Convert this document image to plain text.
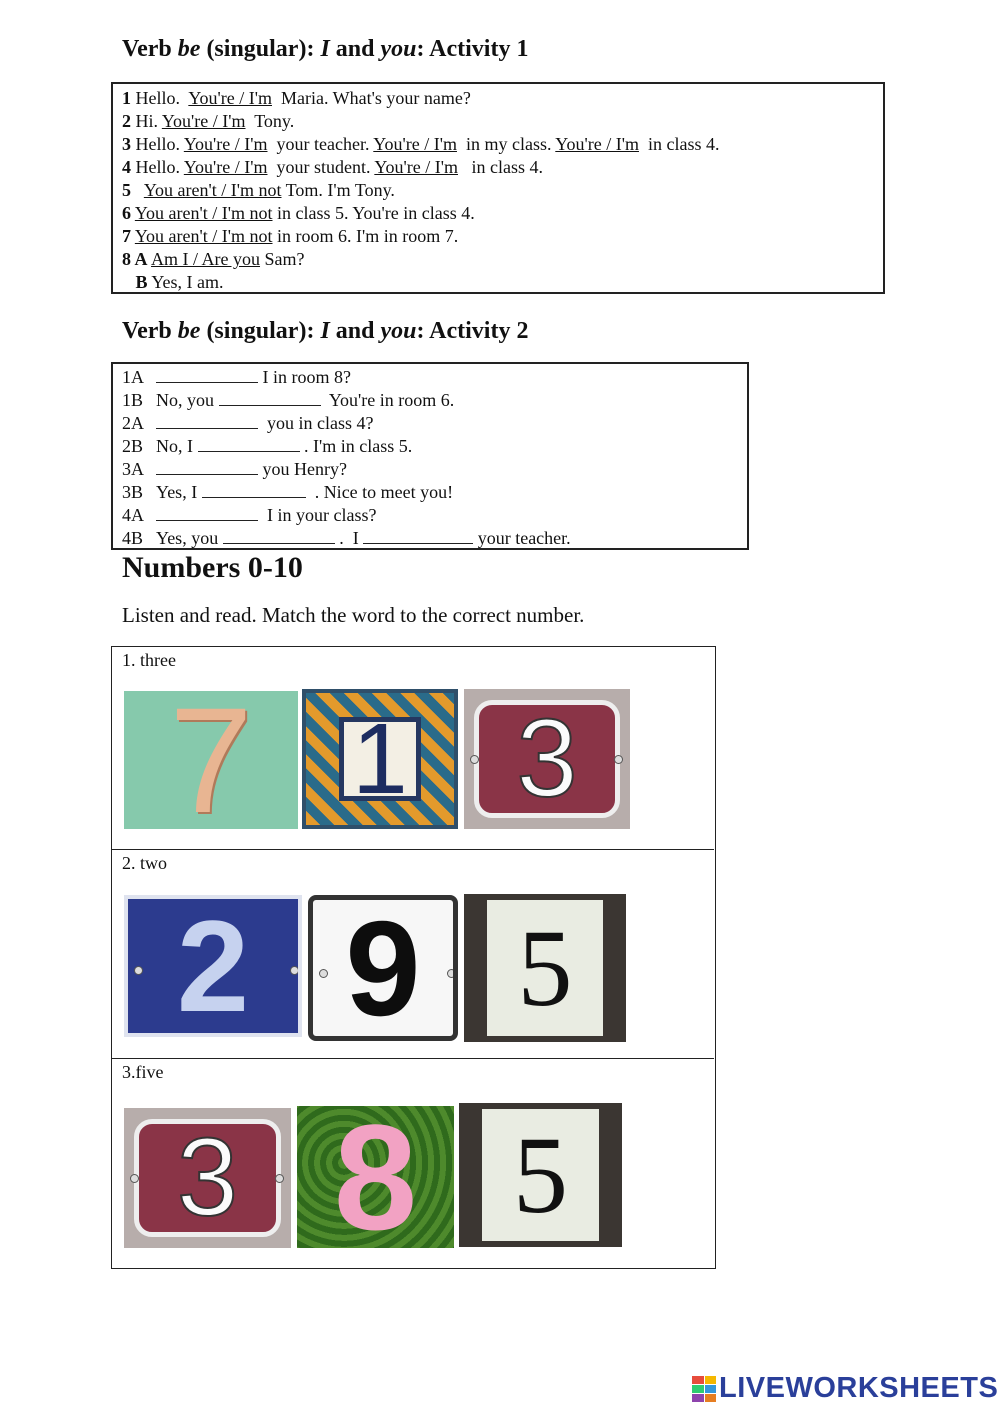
Verb be (singular): I and you: Activity 1
1 Hello.  You're / I'm  Maria. What's your name?
2 Hi. You're / I'm  Tony.
3 Hello. You're / I'm  your teacher. You're / I'm  in my class. You're / I'm  in class 4.
4 Hello. You're / I'm  your student. You're / I'm   in class 4.
5 You aren't / I'm not Tom. I'm Tony.
6 You aren't / I'm not in class 5. You're in class 4.
7 You aren't / I'm not in room 6. I'm in room 7.
8 A Am I / Are you Sam?
B Yes, I am.
Verb be (singular): I and you: Activity 2
1A	I in room 8?
1B No, you	You're in room 6.
2A	you in class 4?
2B No, I	. I'm in class 5.
3A	you Henry?
3B Yes, I	. Nice to meet you!
4A	I in your class?
4B Yes, you	.  I	your teacher.
Numbers 0-10
Listen and read. Match the word to the correct number.
1. three
7 1 3
2. two
2 9 5
3.five
3 8 5
LIVEWORKSHEETS
